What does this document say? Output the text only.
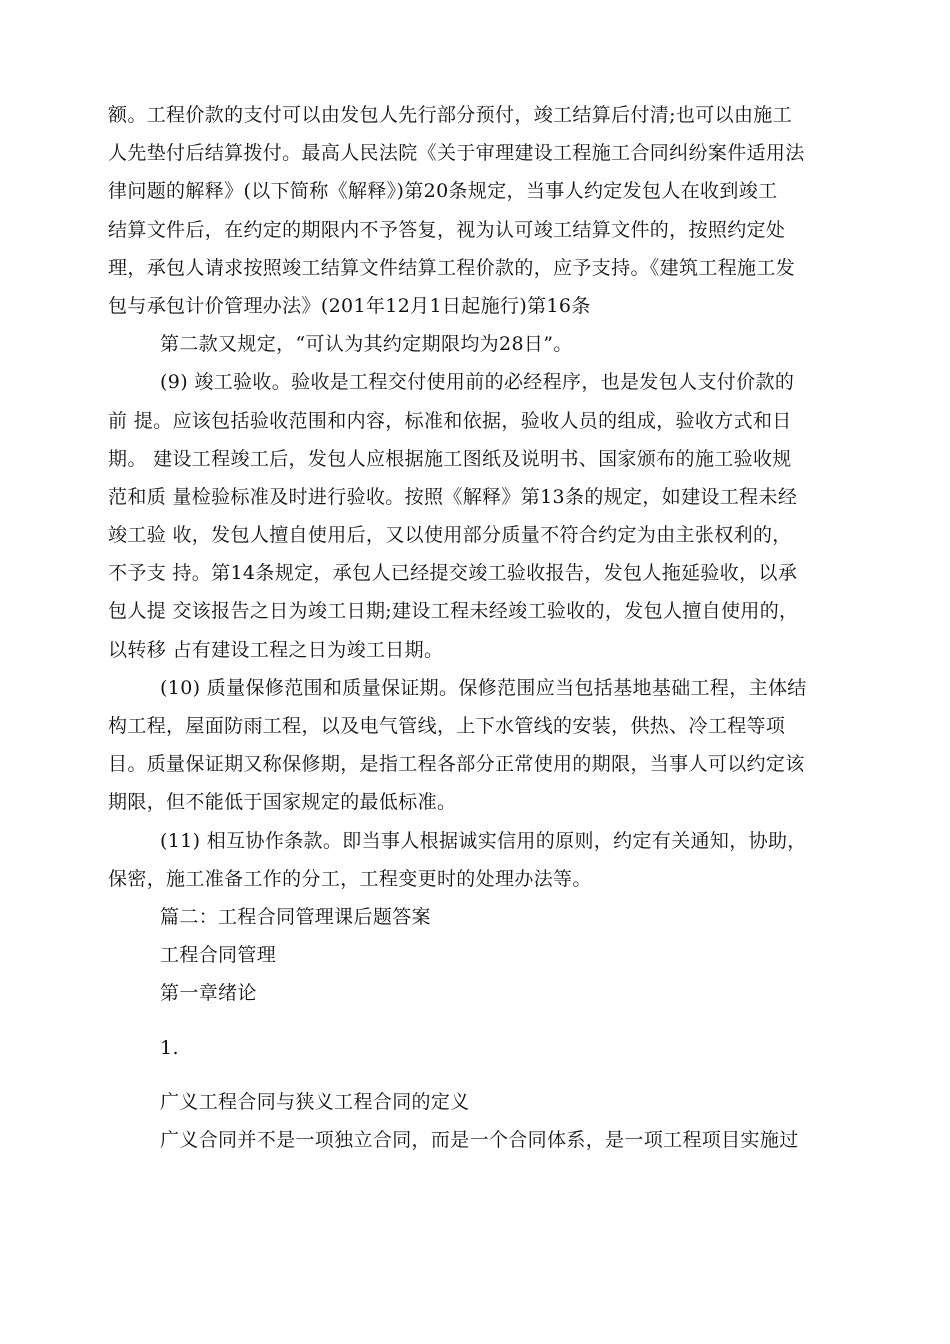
额。工程价款的支付可以由发包人先行部分预付，竣工结算后付清;也可以由施工
人先垫付后结算拨付。最高人民法院《关于审理建设工程施工合同纠纷案件适用法
律问题的解释》(以下简称《解释》)第20条规定，当事人约定发包人在收到竣工
结算文件后，在约定的期限内不予答复，视为认可竣工结算文件的，按照约定处
理，承包人请求按照竣工结算文件结算工程价款的，应予支持。《建筑工程施工发
包与承包计价管理办法》(201年12月1日起施行)第16条
第二款又规定，“可认为其约定期限均为28日”。
(9) 竣工验收。验收是工程交付使用前的必经程序，也是发包人支付价款的
前 提。应该包括验收范围和内容，标准和依据，验收人员的组成，验收方式和日
期。 建设工程竣工后，发包人应根据施工图纸及说明书、国家颁布的施工验收规
范和质 量检验标准及时进行验收。按照《解释》第13条的规定，如建设工程未经
竣工验 收，发包人擅自使用后，又以使用部分质量不符合约定为由主张权利的，
不予支 持。第14条规定，承包人已经提交竣工验收报告，发包人拖延验收，以承
包人提 交该报告之日为竣工日期;建设工程未经竣工验收的，发包人擅自使用的，
以转移 占有建设工程之日为竣工日期。
(10) 质量保修范围和质量保证期。保修范围应当包括基地基础工程，主体结
构工程，屋面防雨工程，以及电气管线，上下水管线的安装，供热、冷工程等项
目。质量保证期又称保修期，是指工程各部分正常使用的期限，当事人可以约定该
期限，但不能低于国家规定的最低标准。
(11) 相互协作条款。即当事人根据诚实信用的原则，约定有关通知，协助，
保密，施工准备工作的分工，工程变更时的处理办法等。
篇二：工程合同管理课后题答案
工程合同管理
第一章绪论
1.
广义工程合同与狭义工程合同的定义
广义合同并不是一项独立合同，而是一个合同体系，是一项工程项目实施过
